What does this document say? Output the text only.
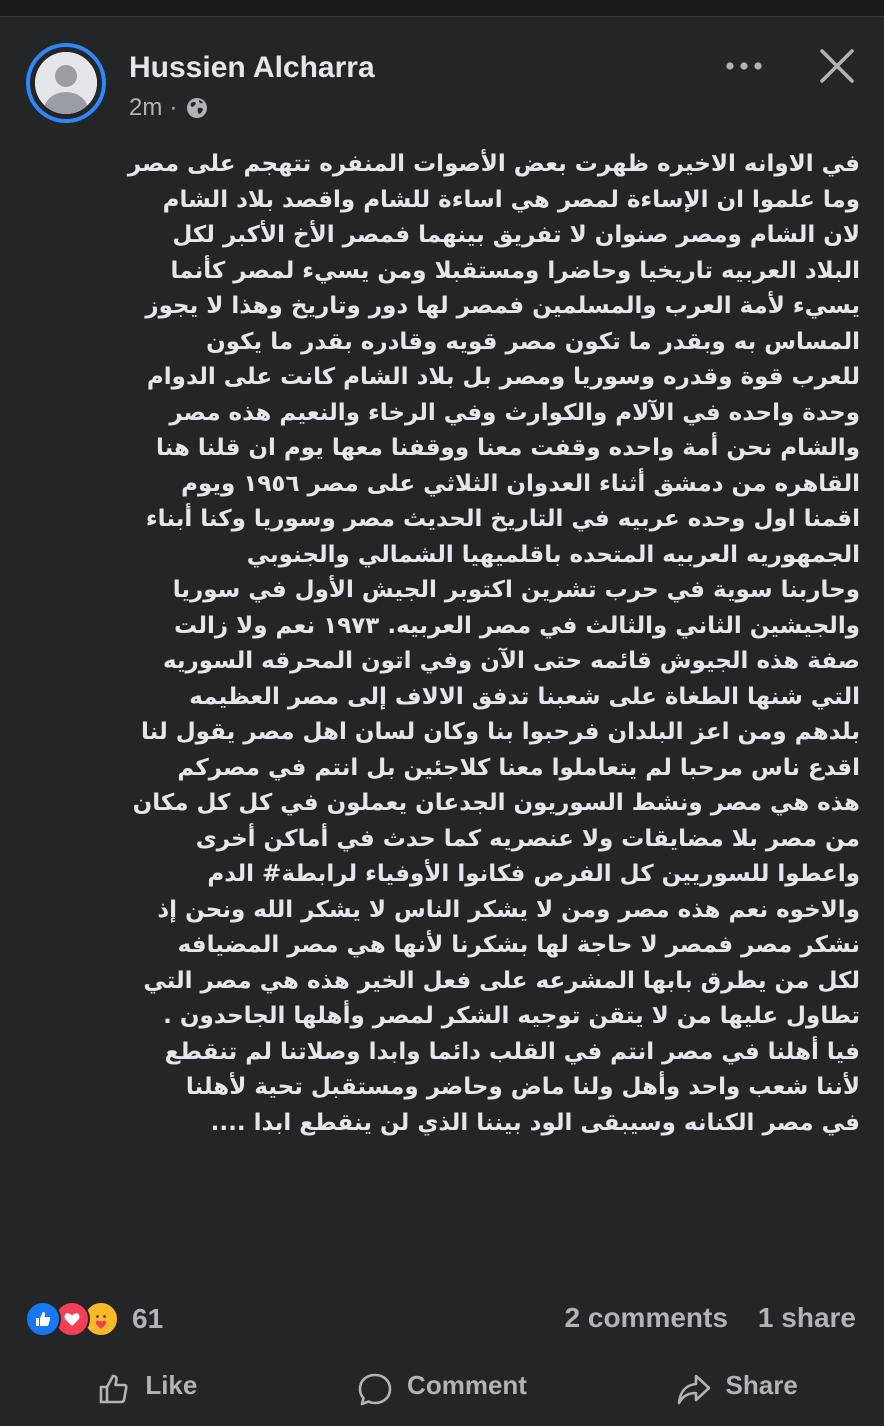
Hussien Alcharra
2m ·
في الاوانه الاخيره ظهرت بعض الأصوات المنفره تتهجم على مصر
وما علموا ان الإساءة لمصر هي اساءة للشام واقصد بلاد الشام
لان الشام ومصر صنوان لا تفريق بينهما فمصر الأخ الأكبر لكل
البلاد العربيه تاريخيا وحاضرا ومستقبلا ومن يسيء لمصر كأنما
يسيء لأمة العرب والمسلمين فمصر لها دور وتاريخ وهذا لا يجوز
المساس به وبقدر ما تكون مصر قويه وقادره بقدر ما يكون
للعرب قوة وقدره وسوريا ومصر بل بلاد الشام كانت على الدوام
وحدة واحده في الآلام والكوارث وفي الرخاء والنعيم هذه مصر
والشام نحن أمة واحده وقفت معنا ووقفنا معها يوم ان قلنا هنا
القاهره من دمشق أثناء العدوان الثلاثي على مصر ١٩٥٦ ويوم
اقمنا اول وحده عربيه في التاريخ الحديث مصر وسوريا وكنا أبناء
الجمهوريه العربيه المتحده باقلميهيا الشمالي والجنوبي
وحاربنا سوية في حرب تشرين اكتوبر الجيش الأول في سوريا
والجيشين الثاني والثالث في مصر العربيه. ١٩٧٣ نعم ولا زالت
صفة هذه الجيوش قائمه حتى الآن وفي اتون المحرقه السوريه
التي شنها الطغاة على شعبنا تدفق الالاف إلى مصر العظيمه
بلدهم ومن اعز البلدان فرحبوا بنا وكان لسان اهل مصر يقول لنا
اقدع ناس مرحبا لم يتعاملوا معنا كلاجئين بل انتم في مصركم
هذه هي مصر ونشط السوريون الجدعان يعملون في كل كل مكان
من مصر بلا مضايقات ولا عنصريه كما حدث في أماكن أخرى
واعطوا للسوريين كل الفرص فكانوا الأوفياء لرابطة# الدم
والاخوه نعم هذه مصر ومن لا يشكر الناس لا يشكر الله ونحن إذ
نشكر مصر فمصر لا حاجة لها بشكرنا لأنها هي مصر المضيافه
لكل من يطرق بابها المشرعه على فعل الخير هذه هي مصر التي
تطاول عليها من لا يتقن توجيه الشكر لمصر وأهلها الجاحدون .
فيا أهلنا في مصر انتم في القلب دائما وابدا وصلاتنا لم تنقطع
لأننا شعب واحد وأهل ولنا ماض وحاضر ومستقبل تحية لأهلنا
في مصر الكنانه وسيبقى الود بيننا الذي لن ينقطع ابدا ....
61	2 comments 1 share
Like	Comment	Share
